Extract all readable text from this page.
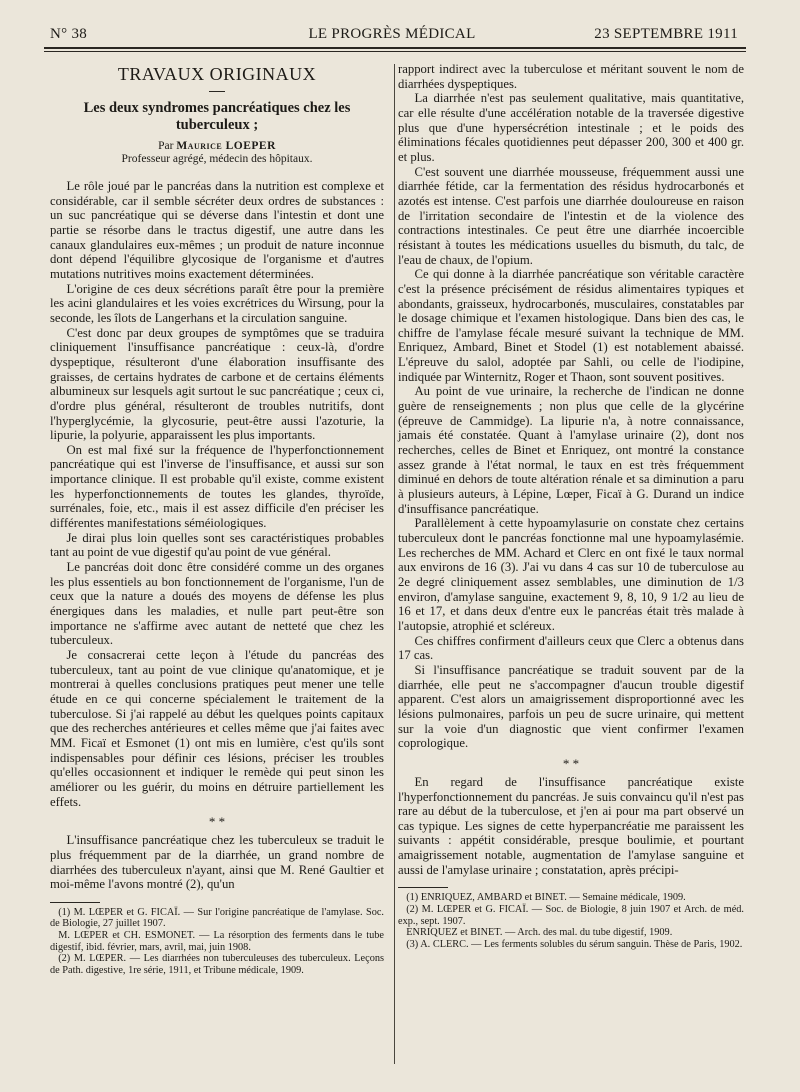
N° 38	LE PROGRÈS MÉDICAL	23 SEPTEMBRE 1911
TRAVAUX ORIGINAUX
Les deux syndromes pancréatiques chez les tuberculeux ;
Par Maurice LOEPER
Professeur agrégé, médecin des hôpitaux.

Le rôle joué par le pancréas dans la nutrition est complexe et considérable, car il semble sécréter deux ordres de substances : un suc pancréatique qui se déverse dans l'intestin et dont une partie se résorbe dans le tractus digestif, une autre dans les canaux glandulaires eux-mêmes ; un produit de nature inconnue dont dépend l'équilibre glycosique de l'organisme et d'autres mutations nutritives moins exactement déterminées.

L'origine de ces deux sécrétions paraît être pour la première les acini glandulaires et les voies excrétrices du Wirsung, pour la seconde, les îlots de Langerhans et la circulation sanguine.

C'est donc par deux groupes de symptômes que se traduira cliniquement l'insuffisance pancréatique : ceux-là, d'ordre dyspeptique, résulteront d'une élaboration insuffisante des graisses, de certains hydrates de carbone et de certains éléments albumineux sur lesquels agit surtout le suc pancréatique ; ceux ci, d'ordre plus général, résulteront de troubles nutritifs, dont l'hyperglycémie, la glycosurie, peut-être aussi l'azoturie, la lipurie, la polyurie, apparaissent les plus importants.

On est mal fixé sur la fréquence de l'hyperfonctionnement pancréatique qui est l'inverse de l'insuffisance, et aussi sur son importance clinique. Il est probable qu'il existe, comme existent les hyperfonctionnements de toutes les glandes, thyroïde, surrénales, foie, etc., mais il est assez difficile d'en préciser les différentes manifestations séméiologiques.

Je dirai plus loin quelles sont ses caractéristiques probables tant au point de vue digestif qu'au point de vue général.

Le pancréas doit donc être considéré comme un des organes les plus essentiels au bon fonctionnement de l'organisme, l'un de ceux que la nature a doués des moyens de défense les plus énergiques dans les maladies, et nulle part peut-être son importance ne s'affirme avec autant de netteté que chez les tuberculeux.

Je consacrerai cette leçon à l'étude du pancréas des tuberculeux, tant au point de vue clinique qu'anatomique, et je montrerai à quelles conclusions pratiques peut mener une telle étude en ce qui concerne spécialement le traitement de la tuberculose. Si j'ai rappelé au début les quelques points capitaux que des recherches antérieures et celles même que j'ai faites avec MM. Ficaï et Esmonet (1) ont mis en lumière, c'est qu'ils sont indispensables pour définir ces lésions, préciser les troubles qu'elles occasionnent et indiquer le remède qui peut sinon les améliorer ou les guérir, du moins en détruire partiellement les effets.

* *

L'insuffisance pancréatique chez les tuberculeux se traduit le plus fréquemment par de la diarrhée, un grand nombre de diarrhées des tuberculeux n'ayant, ainsi que M. René Gaultier et moi-même l'avons montré (2), qu'un

(1) M. LŒPER et G. FICAÏ. — Sur l'origine pancréatique de l'amylase. Soc. de Biologie, 27 juillet 1907.
M. LŒPER et CH. ESMONET. — La résorption des ferments dans le tube digestif, ibid. février, mars, avril, mai, juin 1908.
(2) M. LŒPER. — Les diarrhées non tuberculeuses des tuberculeux. Leçons de Path. digestive, 1re série, 1911, et Tribune médicale, 1909.

rapport indirect avec la tuberculose et méritant souvent le nom de diarrhées dyspeptiques.

La diarrhée n'est pas seulement qualitative, mais quantitative, car elle résulte d'une accélération notable de la traversée digestive plus que d'une hypersécrétion intestinale ; et le poids des éliminations fécales quotidiennes peut dépasser 200, 300 et 400 gr. et plus.

C'est souvent une diarrhée mousseuse, fréquemment aussi une diarrhée fétide, car la fermentation des résidus hydrocarbonés et azotés est intense. C'est parfois une diarrhée douloureuse en raison de l'irritation secondaire de l'intestin et de la violence des contractions intestinales. Ce peut être une diarrhée incoercible résistant à toutes les médications usuelles du bismuth, du talc, de l'eau de chaux, de l'opium.

Ce qui donne à la diarrhée pancréatique son véritable caractère c'est la présence précisément de résidus alimentaires typiques et abondants, graisseux, hydrocarbonés, musculaires, constatables par le dosage chimique et l'examen histologique. Dans bien des cas, le chiffre de l'amylase fécale mesuré suivant la technique de MM. Enriquez, Ambard, Binet et Stodel (1) est notablement abaissé. L'épreuve du salol, adoptée par Sahli, ou celle de l'iodipine, indiquée par Winternitz, Roger et Thaon, sont souvent positives.

Au point de vue urinaire, la recherche de l'indican ne donne guère de renseignements ; non plus que celle de la glycérine (épreuve de Cammidge). La lipurie n'a, à notre connaissance, jamais été constatée. Quant à l'amylase urinaire (2), dont nos recherches, celles de Binet et Enriquez, ont montré la constance assez grande à l'état normal, le taux en est très fréquemment diminué en dehors de toute altération rénale et sa diminution a paru à plusieurs auteurs, à Lépine, Lœper, Ficaï à G. Durand un indice d'insuffisance pancréatique.

Parallèlement à cette hypoamylasurie on constate chez certains tuberculeux dont le pancréas fonctionne mal une hypoamylasémie. Les recherches de MM. Achard et Clerc en ont fixé le taux normal aux environs de 16 (3). J'ai vu dans 4 cas sur 10 de tuberculose au 2e degré cliniquement assez semblables, une diminution de 1/3 environ, d'amylase sanguine, exactement 9, 8, 10, 9 1/2 au lieu de 16 et 17, et dans deux d'entre eux le pancréas était très malade à l'autopsie, atrophié et scléreux.

Ces chiffres confirment d'ailleurs ceux que Clerc a obtenus dans 17 cas.

Si l'insuffisance pancréatique se traduit souvent par de la diarrhée, elle peut ne s'accompagner d'aucun trouble digestif apparent. C'est alors un amaigrissement disproportionné avec les lésions pulmonaires, parfois un peu de sucre urinaire, qui mettent sur la voie d'un diagnostic que vient confirmer l'examen coprologique.

* *

En regard de l'insuffisance pancréatique existe l'hyperfonctionnement du pancréas. Je suis convaincu qu'il n'est pas rare au début de la tuberculose, et j'en ai pour ma part observé un cas typique. Les signes de cette hyperpancréatie me paraissent les suivants : appétit considérable, presque boulimie, et pourtant amaigrissement notable, augmentation de l'amylase sanguine et aussi de l'amylase urinaire ; constatation, après précipi-

(1) ENRIQUEZ, AMBARD et BINET. — Semaine médicale, 1909.
(2) M. LŒPER et G. FICAÏ. — Soc. de Biologie, 8 juin 1907 et Arch. de méd. exp., sept. 1907.
ENRIQUEZ et BINET. — Arch. des mal. du tube digestif, 1909.
(3) A. CLERC. — Les ferments solubles du sérum sanguin. Thèse de Paris, 1902.
